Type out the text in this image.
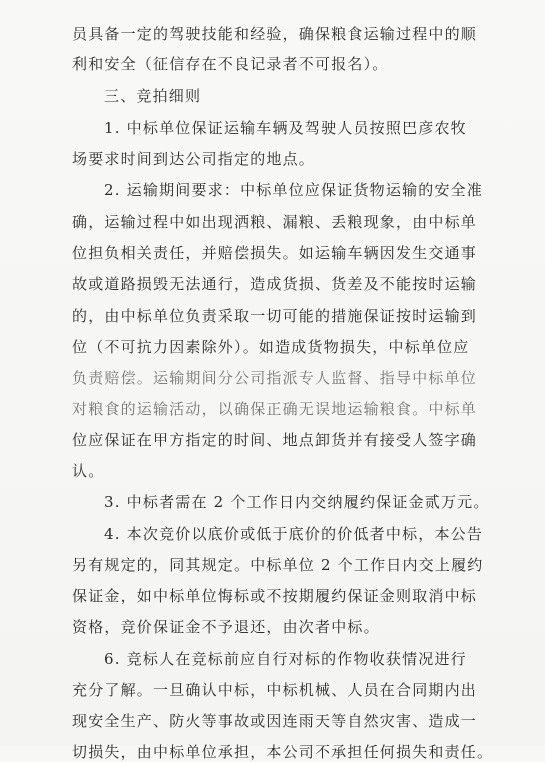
员具备一定的驾驶技能和经验，确保粮食运输过程中的顺
利和安全（征信存在不良记录者不可报名）。
三、竞拍细则
1. 中标单位保证运输车辆及驾驶人员按照巴彦农牧
场要求时间到达公司指定的地点。
2. 运输期间要求：中标单位应保证货物运输的安全准
确，运输过程中如出现洒粮、漏粮、丢粮现象，由中标单
位担负相关责任，并赔偿损失。如运输车辆因发生交通事
故或道路损毁无法通行，造成货损、货差及不能按时运输
的，由中标单位负责采取一切可能的措施保证按时运输到
位（不可抗力因素除外）。如造成货物损失，中标单位应
负责赔偿。运输期间分公司指派专人监督、指导中标单位
对粮食的运输活动，以确保正确无误地运输粮食。中标单
位应保证在甲方指定的时间、地点卸货并有接受人签字确
认。
3. 中标者需在 2 个工作日内交纳履约保证金贰万元。
4. 本次竞价以底价或低于底价的价低者中标，本公告
另有规定的，同其规定。中标单位 2 个工作日内交上履约
保证金，如中标单位悔标或不按期履约保证金则取消中标
资格，竞价保证金不予退还，由次者中标。
6. 竞标人在竞标前应自行对标的作物收获情况进行
充分了解。一旦确认中标，中标机械、人员在合同期内出
现安全生产、防火等事故或因连雨天等自然灾害、造成一
切损失，由中标单位承担，本公司不承担任何损失和责任。
